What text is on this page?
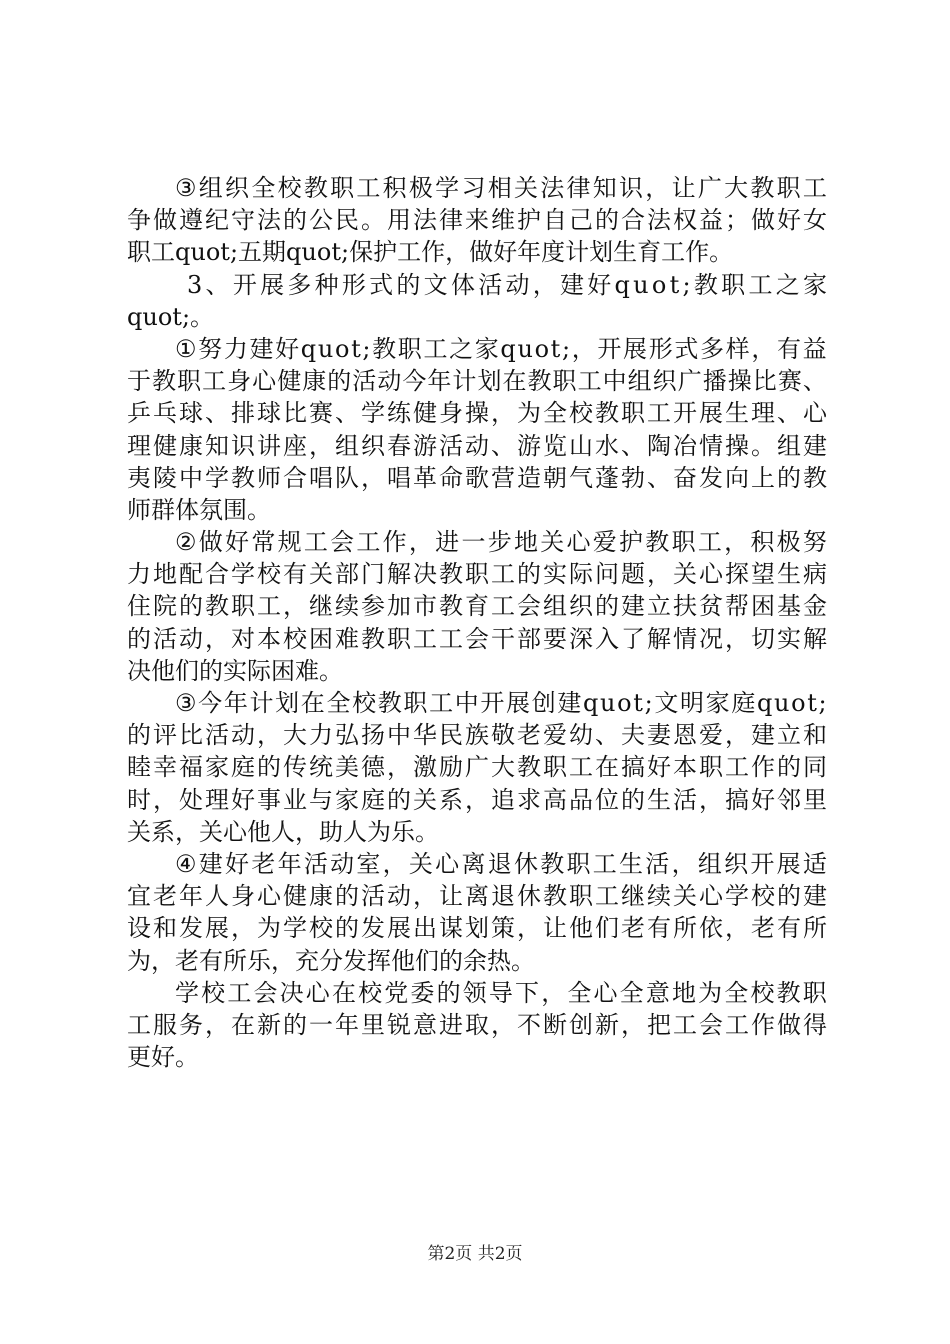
③ 组 织 全 校 教 职 工 积 极 学 习 相 关 法 律 知 识 ， 让 广 大 教 职 工
争 做 遵 纪 守 法 的 公 民 。 用 法 律 来 维 护 自 己 的 合 法 权 益 ； 做 好 女
职 工 q u o t ; 五 期 q u o t ; 保 护 工 作 ， 做 好 年 度 计 划 生 育 工 作 。
3 、 开 展 多 种 形 式 的 文 体 活 动 ， 建 好 q u o t ; 教 职 工 之 家
q u o t ; 。
① 努 力 建 好 q u o t ; 教 职 工 之 家 q u o t ; ， 开 展 形 式 多 样 ， 有 益
于 教 职 工 身 心 健 康 的 活 动 今 年 计 划 在 教 职 工 中 组 织 广 播 操 比 赛 、
乒 乓 球 、 排 球 比 赛 、 学 练 健 身 操 ， 为 全 校 教 职 工 开 展 生 理 、 心
理 健 康 知 识 讲 座 ， 组 织 春 游 活 动 、 游 览 山 水 、 陶 冶 情 操 。 组 建
夷 陵 中 学 教 师 合 唱 队 ， 唱 革 命 歌 营 造 朝 气 蓬 勃 、 奋 发 向 上 的 教
师 群 体 氛 围 。
② 做 好 常 规 工 会 工 作 ， 进 一 步 地 关 心 爱 护 教 职 工 ， 积 极 努
力 地 配 合 学 校 有 关 部 门 解 决 教 职 工 的 实 际 问 题 ， 关 心 探 望 生 病
住 院 的 教 职 工 ， 继 续 参 加 市 教 育 工 会 组 织 的 建 立 扶 贫 帮 困 基 金
的 活 动 ， 对 本 校 困 难 教 职 工 工 会 干 部 要 深 入 了 解 情 况 ， 切 实 解
决 他 们 的 实 际 困 难 。
③ 今 年 计 划 在 全 校 教 职 工 中 开 展 创 建 q u o t ; 文 明 家 庭 q u o t ;
的 评 比 活 动 ， 大 力 弘 扬 中 华 民 族 敬 老 爱 幼 、 夫 妻 恩 爱 ， 建 立 和
睦 幸 福 家 庭 的 传 统 美 德 ， 激 励 广 大 教 职 工 在 搞 好 本 职 工 作 的 同
时 ， 处 理 好 事 业 与 家 庭 的 关 系 ， 追 求 高 品 位 的 生 活 ， 搞 好 邻 里
关 系 ， 关 心 他 人 ， 助 人 为 乐 。
④ 建 好 老 年 活 动 室 ， 关 心 离 退 休 教 职 工 生 活 ， 组 织 开 展 适
宜 老 年 人 身 心 健 康 的 活 动 ， 让 离 退 休 教 职 工 继 续 关 心 学 校 的 建
设 和 发 展 ， 为 学 校 的 发 展 出 谋 划 策 ， 让 他 们 老 有 所 依 ， 老 有 所
为 ， 老 有 所 乐 ， 充 分 发 挥 他 们 的 余 热 。
学 校 工 会 决 心 在 校 党 委 的 领 导 下 ， 全 心 全 意 地 为 全 校 教 职
工 服 务 ， 在 新 的 一 年 里 锐 意 进 取 ， 不 断 创 新 ， 把 工 会 工 作 做 得
更 好 。
第2页 共2页
